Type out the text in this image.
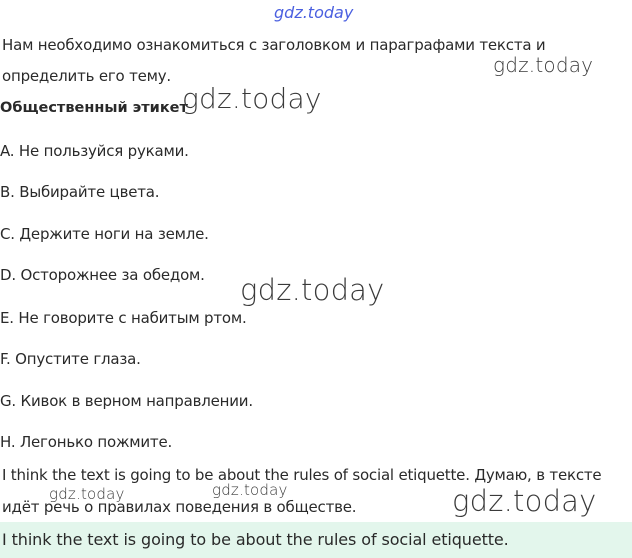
gdz.today
Нам необходимо ознакомиться с заголовком и параграфами текста и
определить его тему.	gdz.today
Общественный этикет
gdz.today
A. Не пользуйся руками.
B. Выбирайте цвета.
C. Держите ноги на земле.
D. Осторожнее за обедом. gdz.today
E. Не говорите с набитым ртом.
F. Опустите глаза.
G. Кивок в верном направлении.
H. Легонько пожмите.
I think the text is going to be about the rules of social etiquette. Думаю, в тексте
идёт речь о правилах поведения в обществе.
gdz.today	gdz.today
I think the text is going to be about the rules of social etiquette.
gdz.today
